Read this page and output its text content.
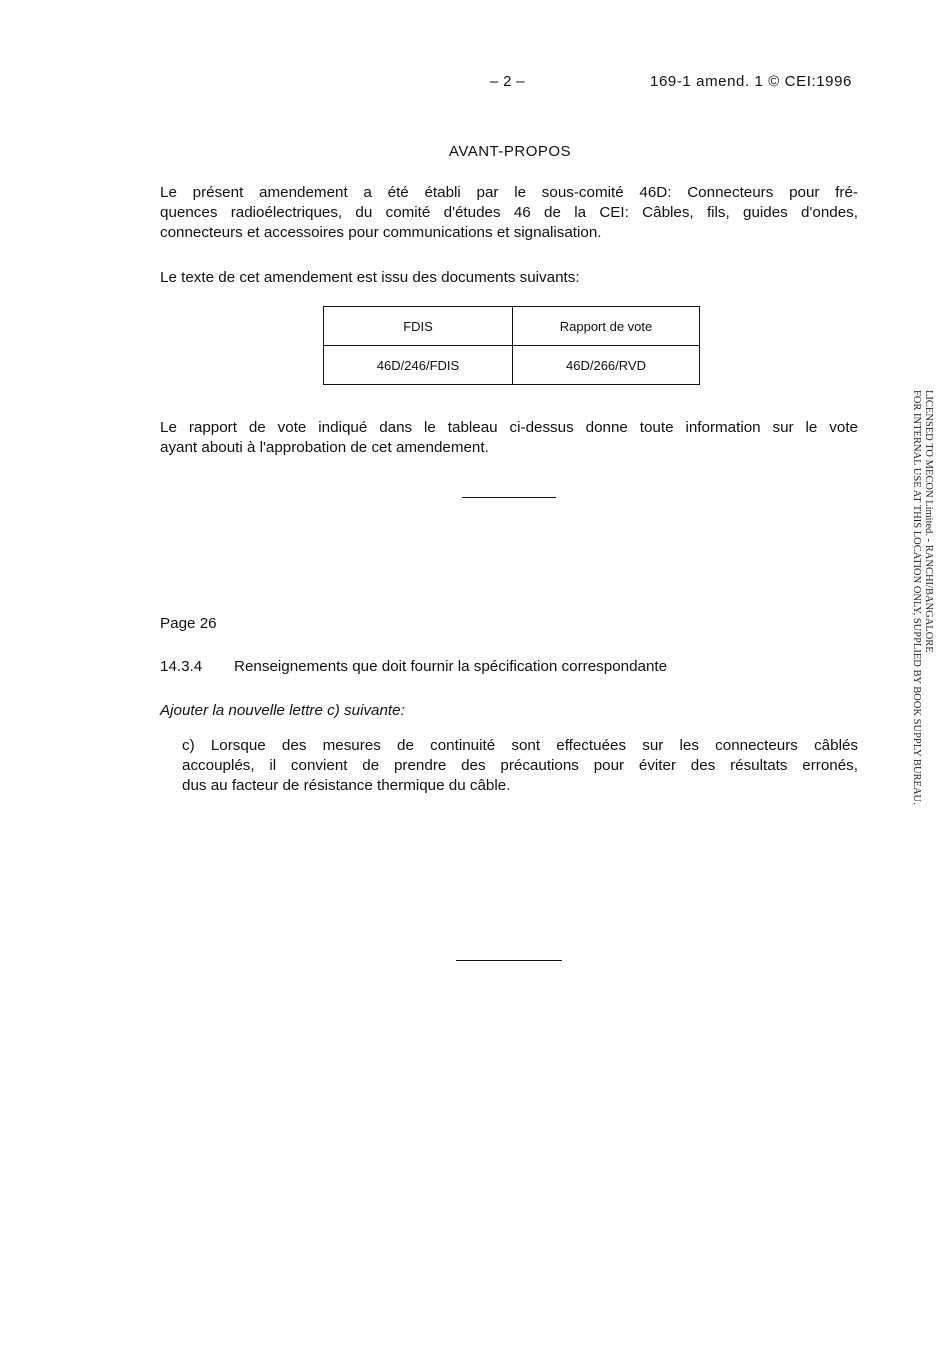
– 2 –	169-1 amend. 1 © CEI:1996
AVANT-PROPOS
Le présent amendement a été établi par le sous-comité 46D: Connecteurs pour fré-
quences radioélectriques, du comité d'études 46 de la CEI: Câbles, fils, guides d'ondes,
connecteurs et accessoires pour communications et signalisation.
Le texte de cet amendement est issu des documents suivants:
FDIS	Rapport de vote
46D/246/FDIS	46D/266/RVD
Le rapport de vote indiqué dans le tableau ci-dessus donne toute information sur le vote
ayant abouti à l'approbation de cet amendement.
Page 26
14.3.4 Renseignements que doit fournir la spécification correspondante
Ajouter la nouvelle lettre c) suivante:
c) Lorsque des mesures de continuité sont effectuées sur les connecteurs câblés
accouplés, il convient de prendre des précautions pour éviter des résultats erronés,
dus au facteur de résistance thermique du câble.
LICENSED TO MECON Limited. - RANCHI/BANGALORE
FOR INTERNAL USE AT THIS LOCATION ONLY, SUPPLIED BY BOOK SUPPLY BUREAU.
